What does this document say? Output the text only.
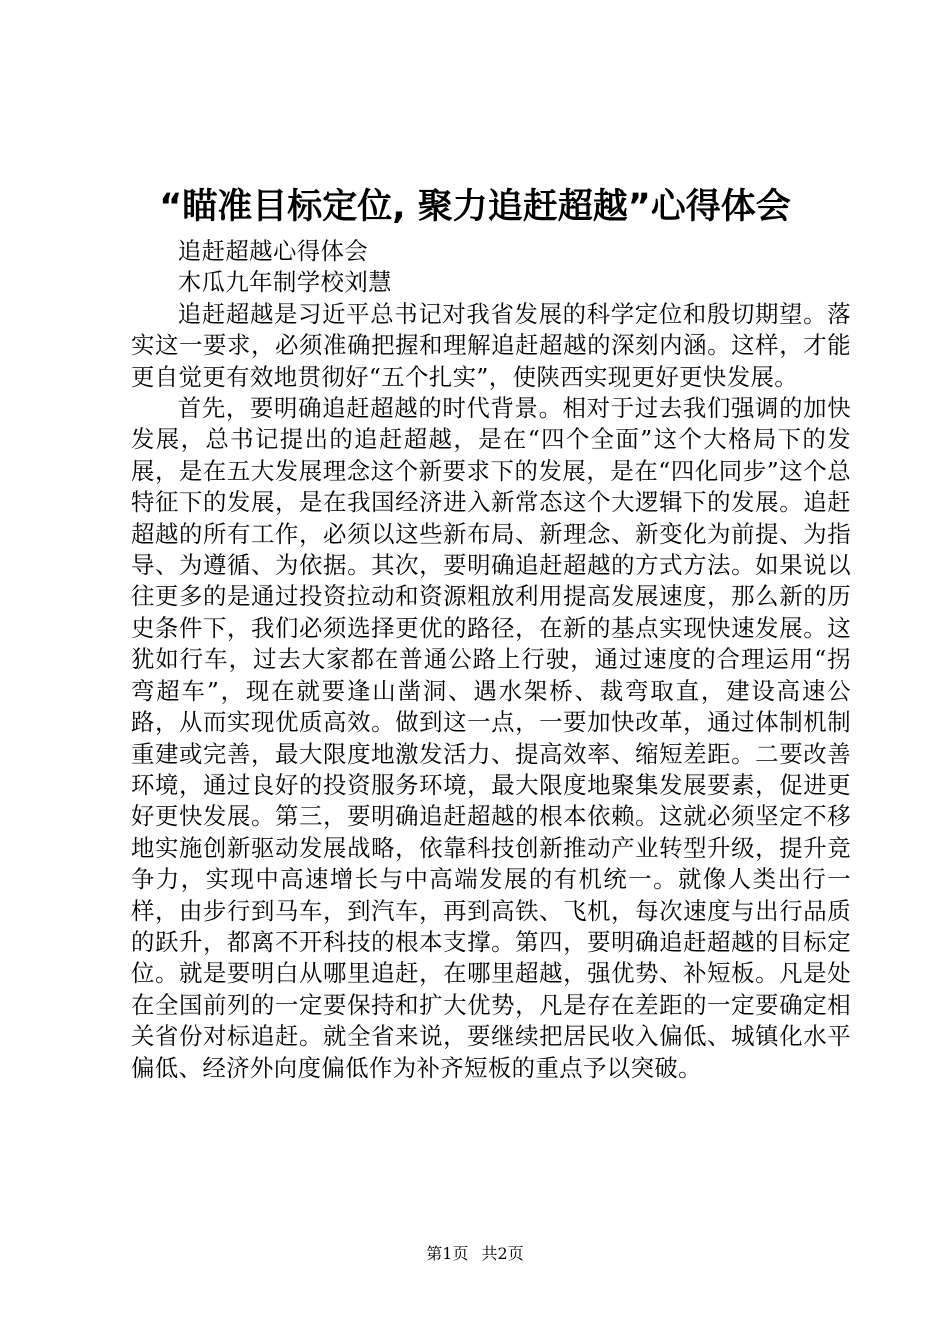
“瞄准目标定位, 聚力追赶超越”心得体会

追赶超越心得体会

木瓜九年制学校刘慧

追赶超越是习近平总书记对我省发展的科学定位和殷切期望。落实这一要求，必须准确把握和理解追赶超越的深刻内涵。这样，才能更自觉更有效地贯彻好“五个扎实”，使陕西实现更好更快发展。

首先，要明确追赶超越的时代背景。相对于过去我们强调的加快发展，总书记提出的追赶超越，是在“四个全面”这个大格局下的发展，是在五大发展理念这个新要求下的发展，是在“四化同步”这个总特征下的发展，是在我国经济进入新常态这个大逻辑下的发展。追赶超越的所有工作，必须以这些新布局、新理念、新变化为前提、为指导、为遵循、为依据。其次，要明确追赶超越的方式方法。如果说以往更多的是通过投资拉动和资源粗放利用提高发展速度，那么新的历史条件下，我们必须选择更优的路径，在新的基点实现快速发展。这犹如行车，过去大家都在普通公路上行驶，通过速度的合理运用“拐弯超车”，现在就要逢山凿洞、遇水架桥、裁弯取直，建设高速公路，从而实现优质高效。做到这一点，一要加快改革，通过体制机制重建或完善，最大限度地激发活力、提高效率、缩短差距。二要改善环境，通过良好的投资服务环境，最大限度地聚集发展要素，促进更好更快发展。第三，要明确追赶超越的根本依赖。这就必须坚定不移地实施创新驱动发展战略，依靠科技创新推动产业转型升级，提升竞争力，实现中高速增长与中高端发展的有机统一。就像人类出行一样，由步行到马车，到汽车，再到高铁、飞机，每次速度与出行品质的跃升，都离不开科技的根本支撑。第四，要明确追赶超越的目标定位。就是要明白从哪里追赶，在哪里超越，强优势、补短板。凡是处在全国前列的一定要保持和扩大优势，凡是存在差距的一定要确定相关省份对标追赶。就全省来说，要继续把居民收入偏低、城镇化水平偏低、经济外向度偏低作为补齐短板的重点予以突破。

第1页 共2页
